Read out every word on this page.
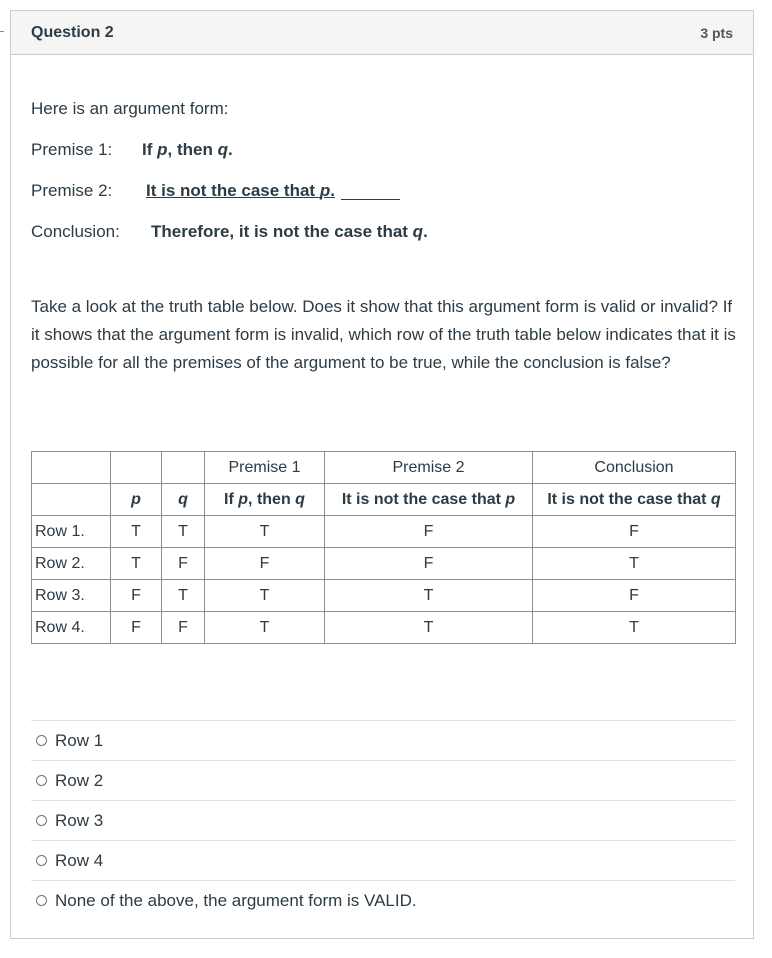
Question 2	3 pts
Here is an argument form:
Premise 1: If p, then q.
Premise 2: It is not the case that p.
Conclusion: Therefore, it is not the case that q.
Take a look at the truth table below. Does it show that this argument form is valid or invalid? If it shows that the argument form is invalid, which row of the truth table below indicates that it is possible for all the premises of the argument to be true, while the conclusion is false?
			Premise 1	Premise 2	Conclusion
	p	q	If p, then q	It is not the case that p	It is not the case that q
Row 1.	T	T	T	F	F
Row 2.	T	F	F	F	T
Row 3.	F	T	T	T	F
Row 4.	F	F	T	T	T
Row 1
Row 2
Row 3
Row 4
None of the above, the argument form is VALID.
